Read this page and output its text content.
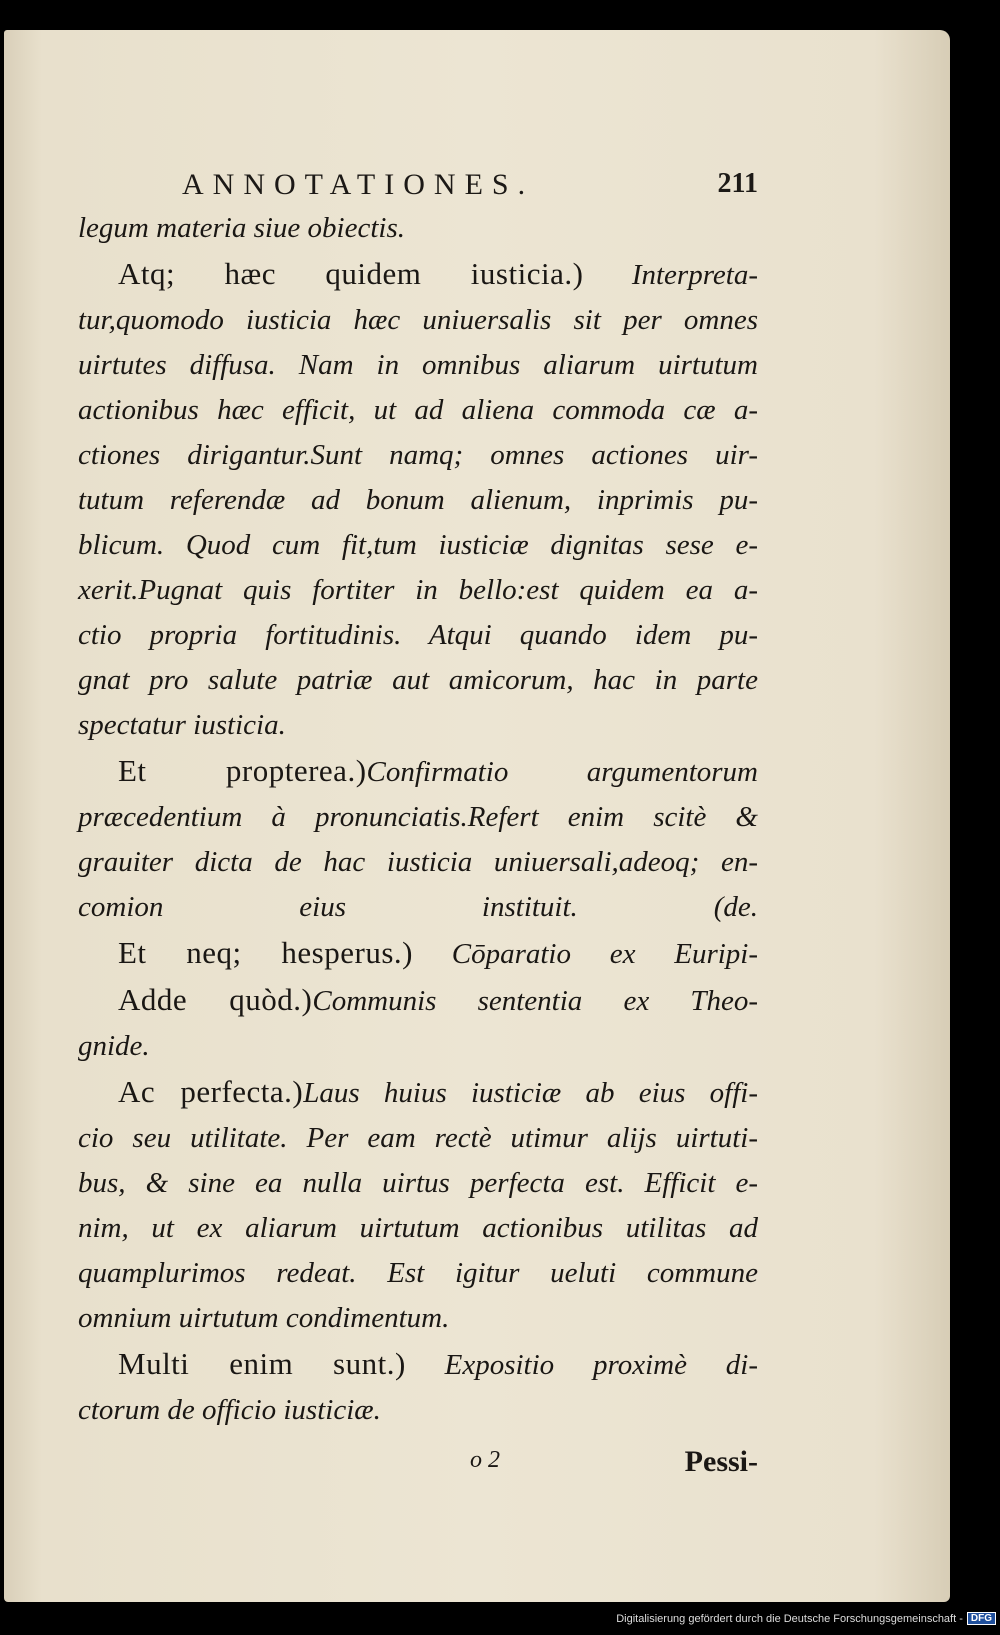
ANNOTATIONES.	211
legum materia siue obiectis.
Atq; hæc quidem iusticia.) Interpreta-
tur,quomodo iusticia hæc uniuersalis sit per omnes
uirtutes diffusa. Nam in omnibus aliarum uirtutum
actionibus hæc efficit, ut ad aliena commoda cæ a-
ctiones dirigantur.Sunt namq; omnes actiones uir-
tutum referendæ ad bonum alienum, inprimis pu-
blicum. Quod cum fit,tum iusticiæ dignitas sese e-
xerit.Pugnat quis fortiter in bello:est quidem ea a-
ctio propria fortitudinis. Atqui quando idem pu-
gnat pro salute patriæ aut amicorum, hac in parte
spectatur iusticia.
Et propterea.)Confirmatio argumentorum
præcedentium à pronunciatis.Refert enim scitè &
grauiter dicta de hac iusticia uniuersali,adeoq; en-
comion eius instituit. (de.
Et neq; hesperus.) Cōparatio ex Euripi-
Adde quòd.)Communis sententia ex Theo-
gnide.
Ac perfecta.)Laus huius iusticiæ ab eius offi-
cio seu utilitate. Per eam rectè utimur alijs uirtuti-
bus, & sine ea nulla uirtus perfecta est. Efficit e-
nim, ut ex aliarum uirtutum actionibus utilitas ad
quamplurimos redeat. Est igitur ueluti commune
omnium uirtutum condimentum.
Multi enim sunt.) Expositio proximè di-
ctorum de officio iusticiæ.
o 2	Pessi-
Digitalisierung gefördert durch die Deutsche Forschungsgemeinschaft - DFG
